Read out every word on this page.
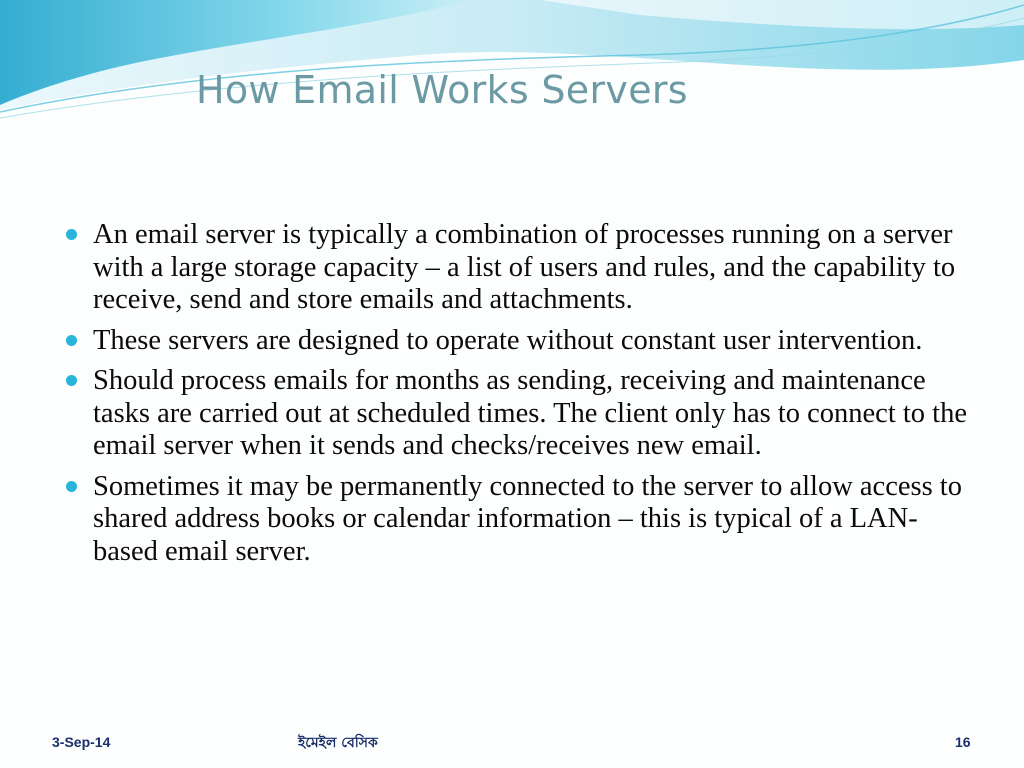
How Email Works Servers
An email server is typically a combination of processes running on a server with a large storage capacity – a list of users and rules, and the capability to receive, send and store emails and attachments.
These servers are designed to operate without constant user intervention.
Should process emails for months as sending, receiving and maintenance tasks are carried out at scheduled times. The client only has to connect to the email server when it sends and checks/receives new email.
Sometimes it may be permanently connected to the server to allow access to shared address books or calendar information – this is typical of a LAN-based email server.
3-Sep-14	ইমেইল বেসিক	16
